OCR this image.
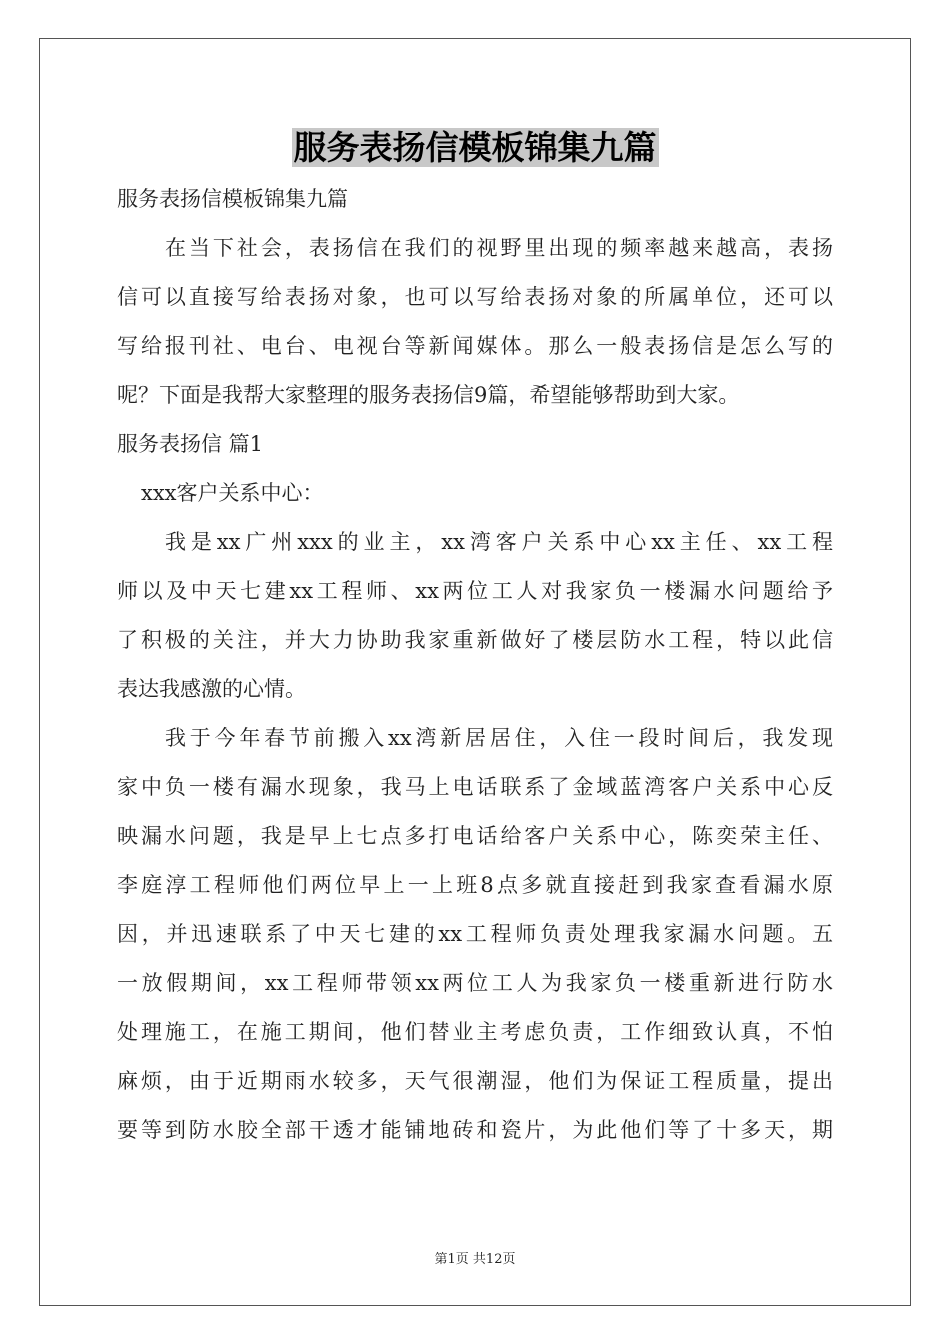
服务表扬信模板锦集九篇
服务表扬信模板锦集九篇
在当下社会，表扬信在我们的视野里出现的频率越来越高，表扬
信可以直接写给表扬对象，也可以写给表扬对象的所属单位，还可以
写给报刊社、电台、电视台等新闻媒体。那么一般表扬信是怎么写的
呢？下面是我帮大家整理的服务表扬信9篇，希望能够帮助到大家。
服务表扬信 篇1
xxx客户关系中心：
我是xx广州xxx的业主，xx湾客户关系中心xx主任、xx工程
师以及中天七建xx工程师、xx两位工人对我家负一楼漏水问题给予
了积极的关注，并大力协助我家重新做好了楼层防水工程，特以此信
表达我感激的心情。
我于今年春节前搬入xx湾新居居住，入住一段时间后，我发现
家中负一楼有漏水现象，我马上电话联系了金域蓝湾客户关系中心反
映漏水问题，我是早上七点多打电话给客户关系中心，陈奕荣主任、
李庭淳工程师他们两位早上一上班8点多就直接赶到我家查看漏水原
因，并迅速联系了中天七建的xx工程师负责处理我家漏水问题。五
一放假期间，xx工程师带领xx两位工人为我家负一楼重新进行防水
处理施工，在施工期间，他们替业主考虑负责，工作细致认真，不怕
麻烦，由于近期雨水较多，天气很潮湿，他们为保证工程质量，提出
要等到防水胶全部干透才能铺地砖和瓷片，为此他们等了十多天，期
第1页 共12页
